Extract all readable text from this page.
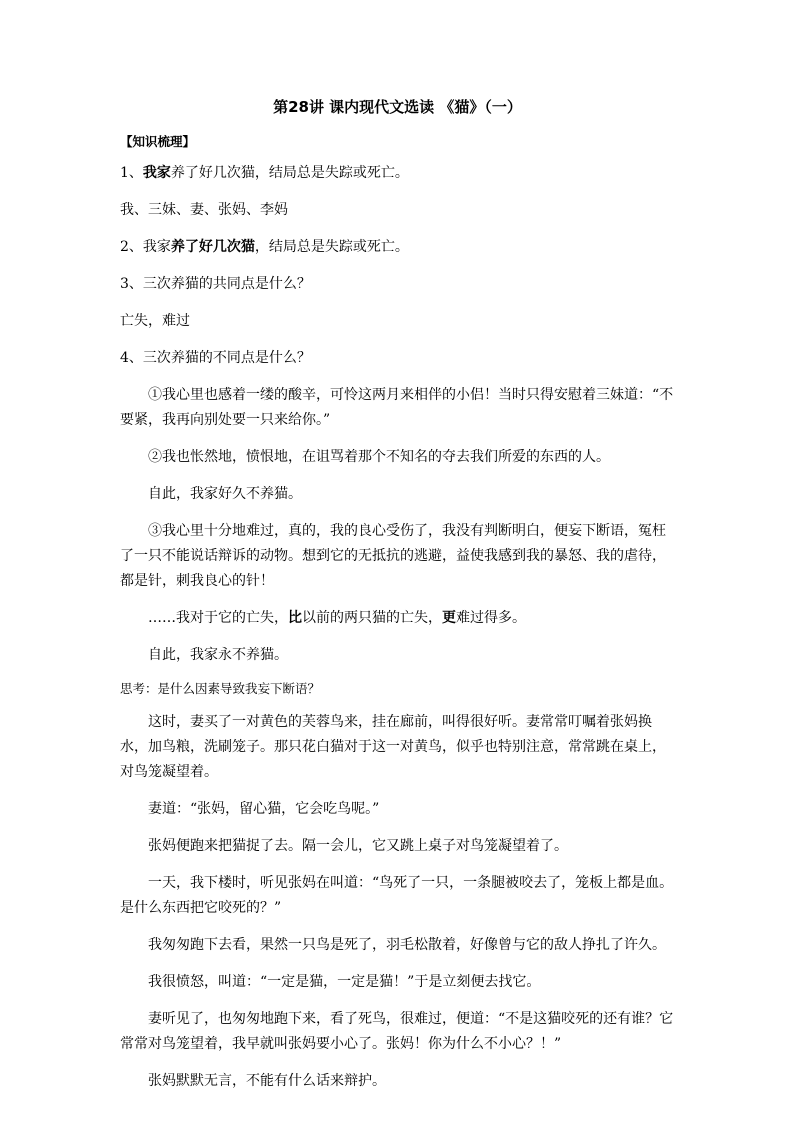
第28讲 课内现代文选读 《猫》（一）

【知识梳理】

1、我家养了好几次猫，结局总是失踪或死亡。

我、三妹、妻、张妈、李妈

2、我家养了好几次猫，结局总是失踪或死亡。

3、三次养猫的共同点是什么？

亡失，难过

4、三次养猫的不同点是什么？

①我心里也感着一缕的酸辛，可怜这两月来相伴的小侣！当时只得安慰着三妹道：“不要紧，我再向别处要一只来给你。”

②我也怅然地，愤恨地，在诅骂着那个不知名的夺去我们所爱的东西的人。

自此，我家好久不养猫。

③我心里十分地难过，真的，我的良心受伤了，我没有判断明白，便妄下断语，冤枉了一只不能说话辩诉的动物。想到它的无抵抗的逃避，益使我感到我的暴怒、我的虐待，都是针，刺我良心的针！

……我对于它的亡失，比以前的两只猫的亡失，更难过得多。

自此，我家永不养猫。

思考：是什么因素导致我妄下断语？

这时，妻买了一对黄色的芙蓉鸟来，挂在廊前，叫得很好听。妻常常叮嘱着张妈换水，加鸟粮，洗刷笼子。那只花白猫对于这一对黄鸟，似乎也特别注意，常常跳在桌上，对鸟笼凝望着。

妻道：“张妈，留心猫，它会吃鸟呢。”

张妈便跑来把猫捉了去。隔一会儿，它又跳上桌子对鸟笼凝望着了。

一天，我下楼时，听见张妈在叫道：“鸟死了一只，一条腿被咬去了，笼板上都是血。是什么东西把它咬死的？”

我匆匆跑下去看，果然一只鸟是死了，羽毛松散着，好像曾与它的敌人挣扎了许久。

我很愤怒，叫道：“一定是猫，一定是猫！”于是立刻便去找它。

妻听见了，也匆匆地跑下来，看了死鸟，很难过，便道：“不是这猫咬死的还有谁？它常常对鸟笼望着，我早就叫张妈要小心了。张妈！你为什么不小心？！”

张妈默默无言，不能有什么话来辩护。
